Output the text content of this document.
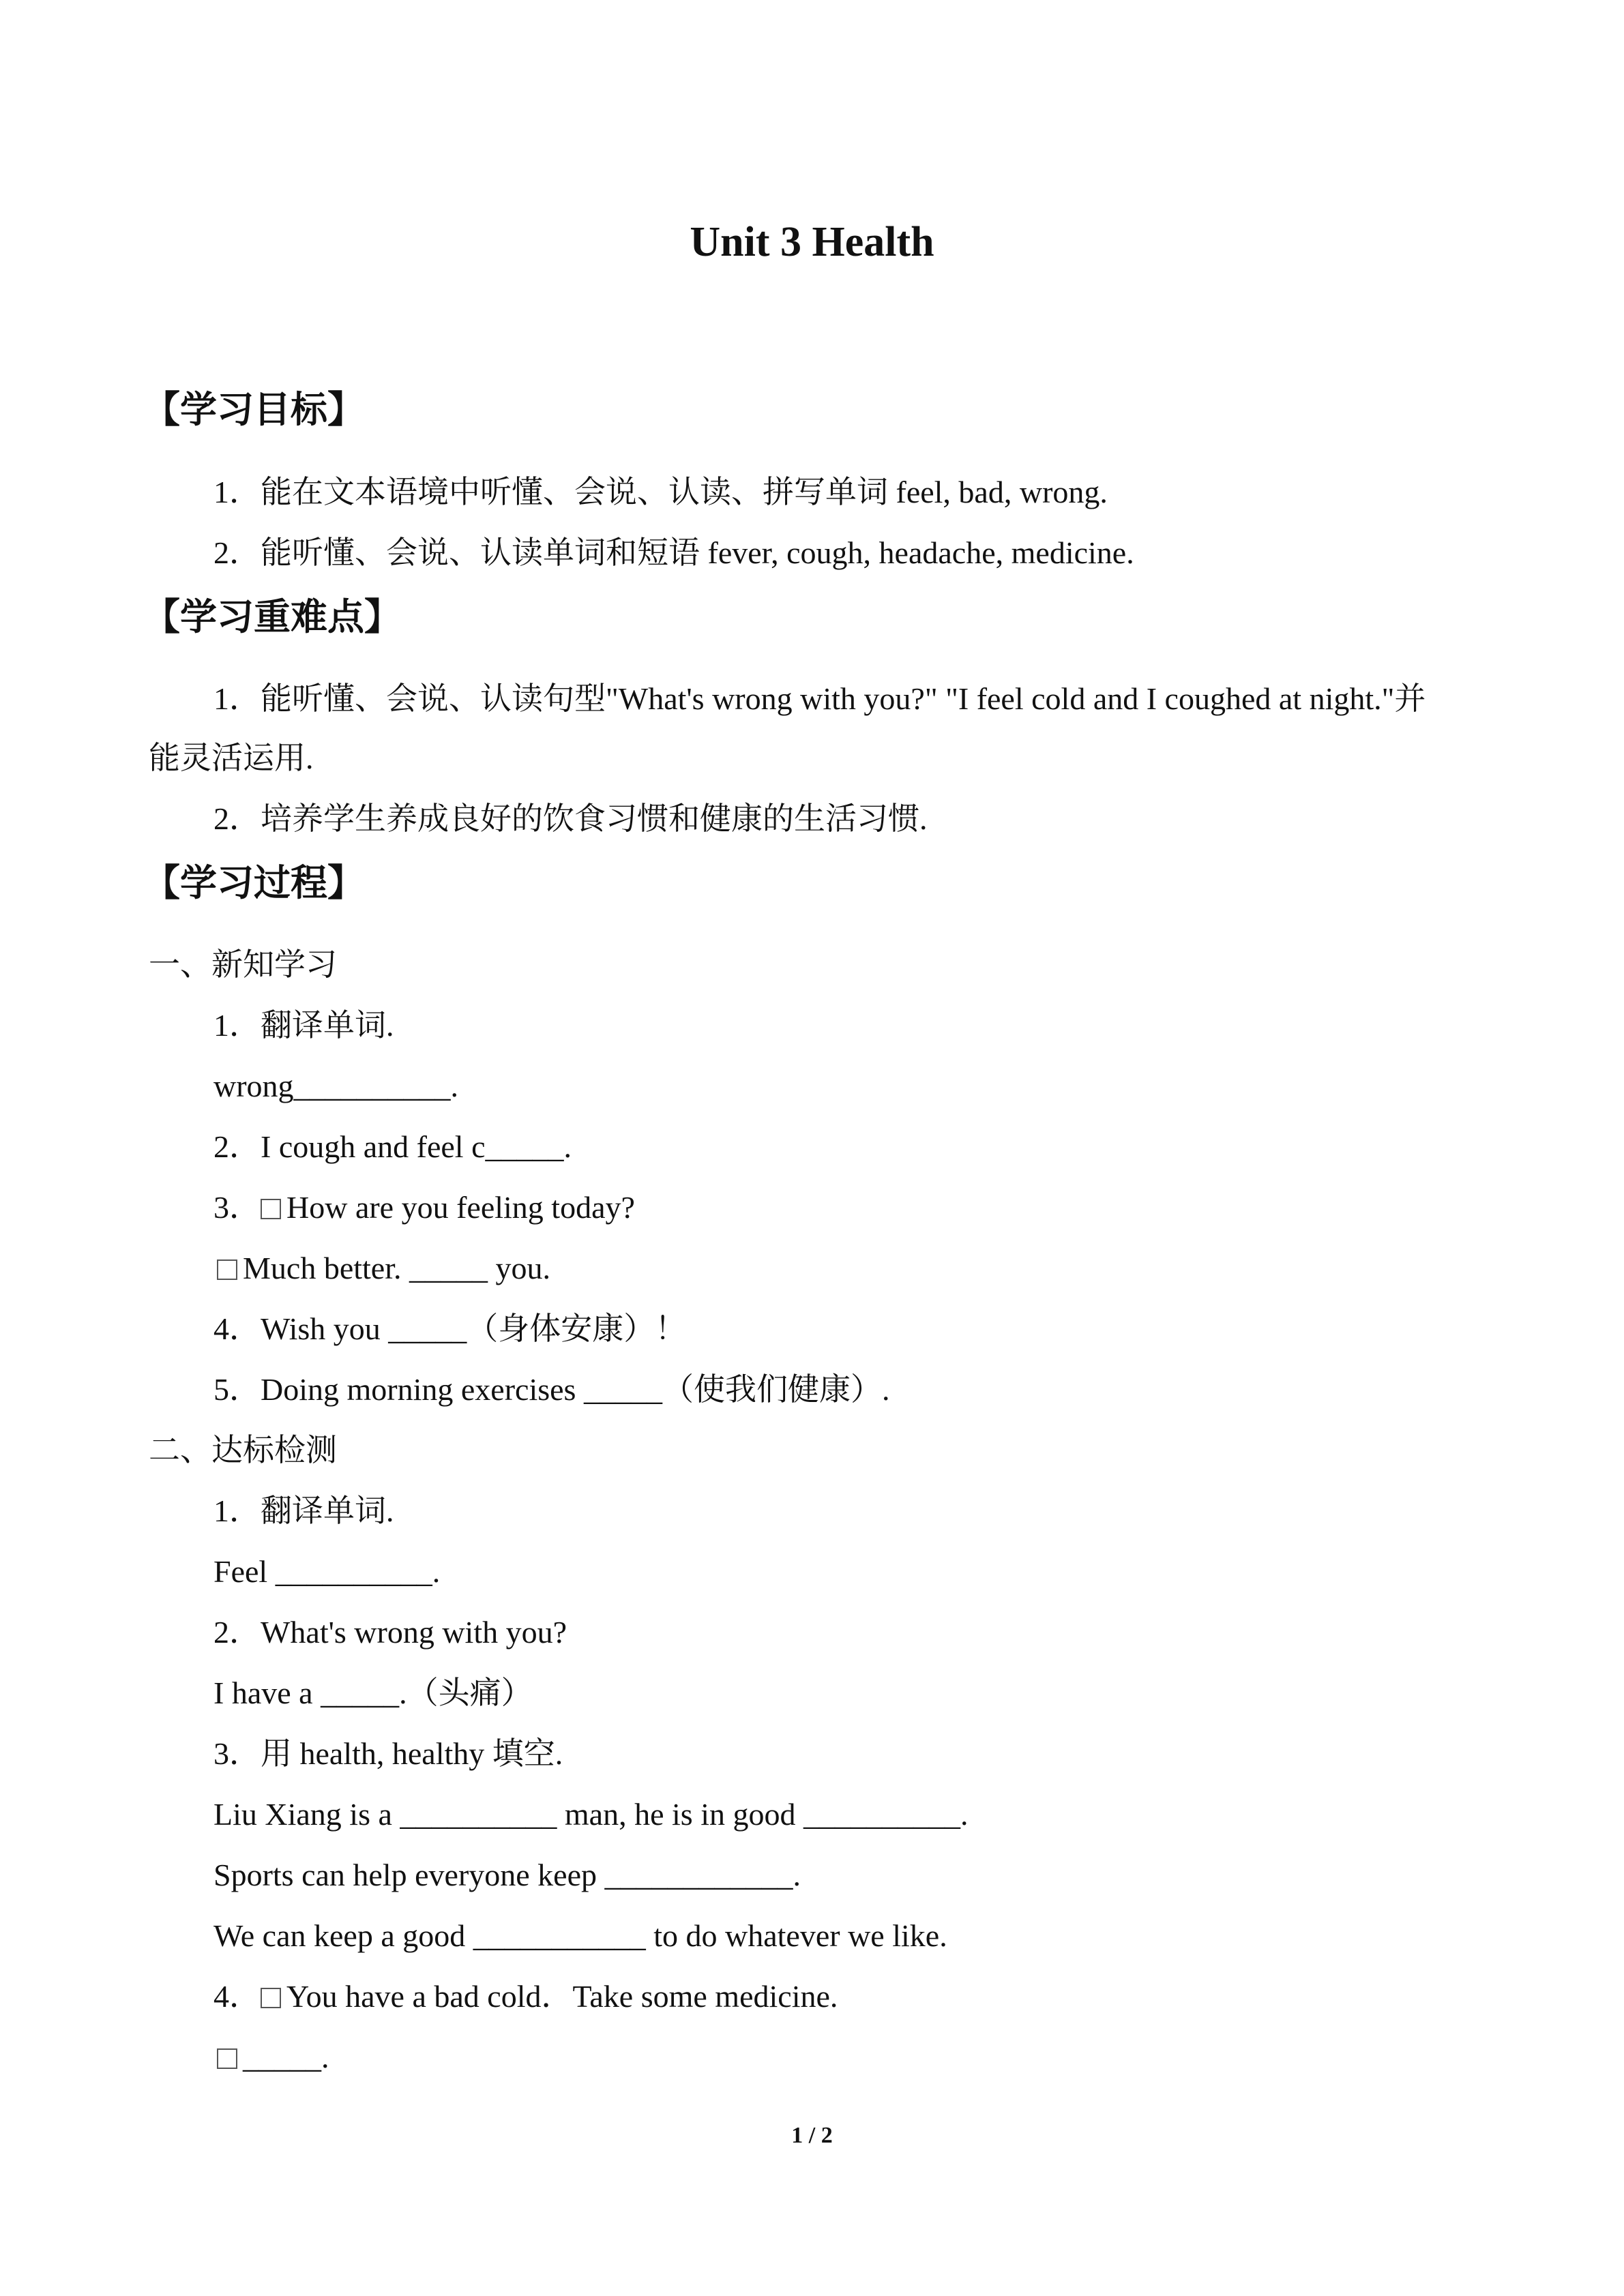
Unit 3 Health
【学习目标】
1．能在文本语境中听懂、会说、认读、拼写单词 feel, bad, wrong.
2．能听懂、会说、认读单词和短语 fever, cough, headache, medicine.
【学习重难点】
1．能听懂、会说、认读句型"What's wrong with you?" "I feel cold and I coughed at night."并
能灵活运用.
2．培养学生养成良好的饮食习惯和健康的生活习惯.
【学习过程】
一、新知学习
1．翻译单词.
wrong__________.
2．I cough and feel c_____.
3． How are you feeling today?
Much better. _____ you.
4．Wish you _____（身体安康）！
5．Doing morning exercises _____（使我们健康）.
二、达标检测
1．翻译单词.
Feel __________.
2．What's wrong with you?
I have a _____.（头痛）
3．用 health, healthy 填空.
Liu Xiang is a __________ man, he is in good __________.
Sports can help everyone keep ____________.
We can keep a good ___________ to do whatever we like.
4． You have a bad cold．Take some medicine.
_____.
1 / 2
